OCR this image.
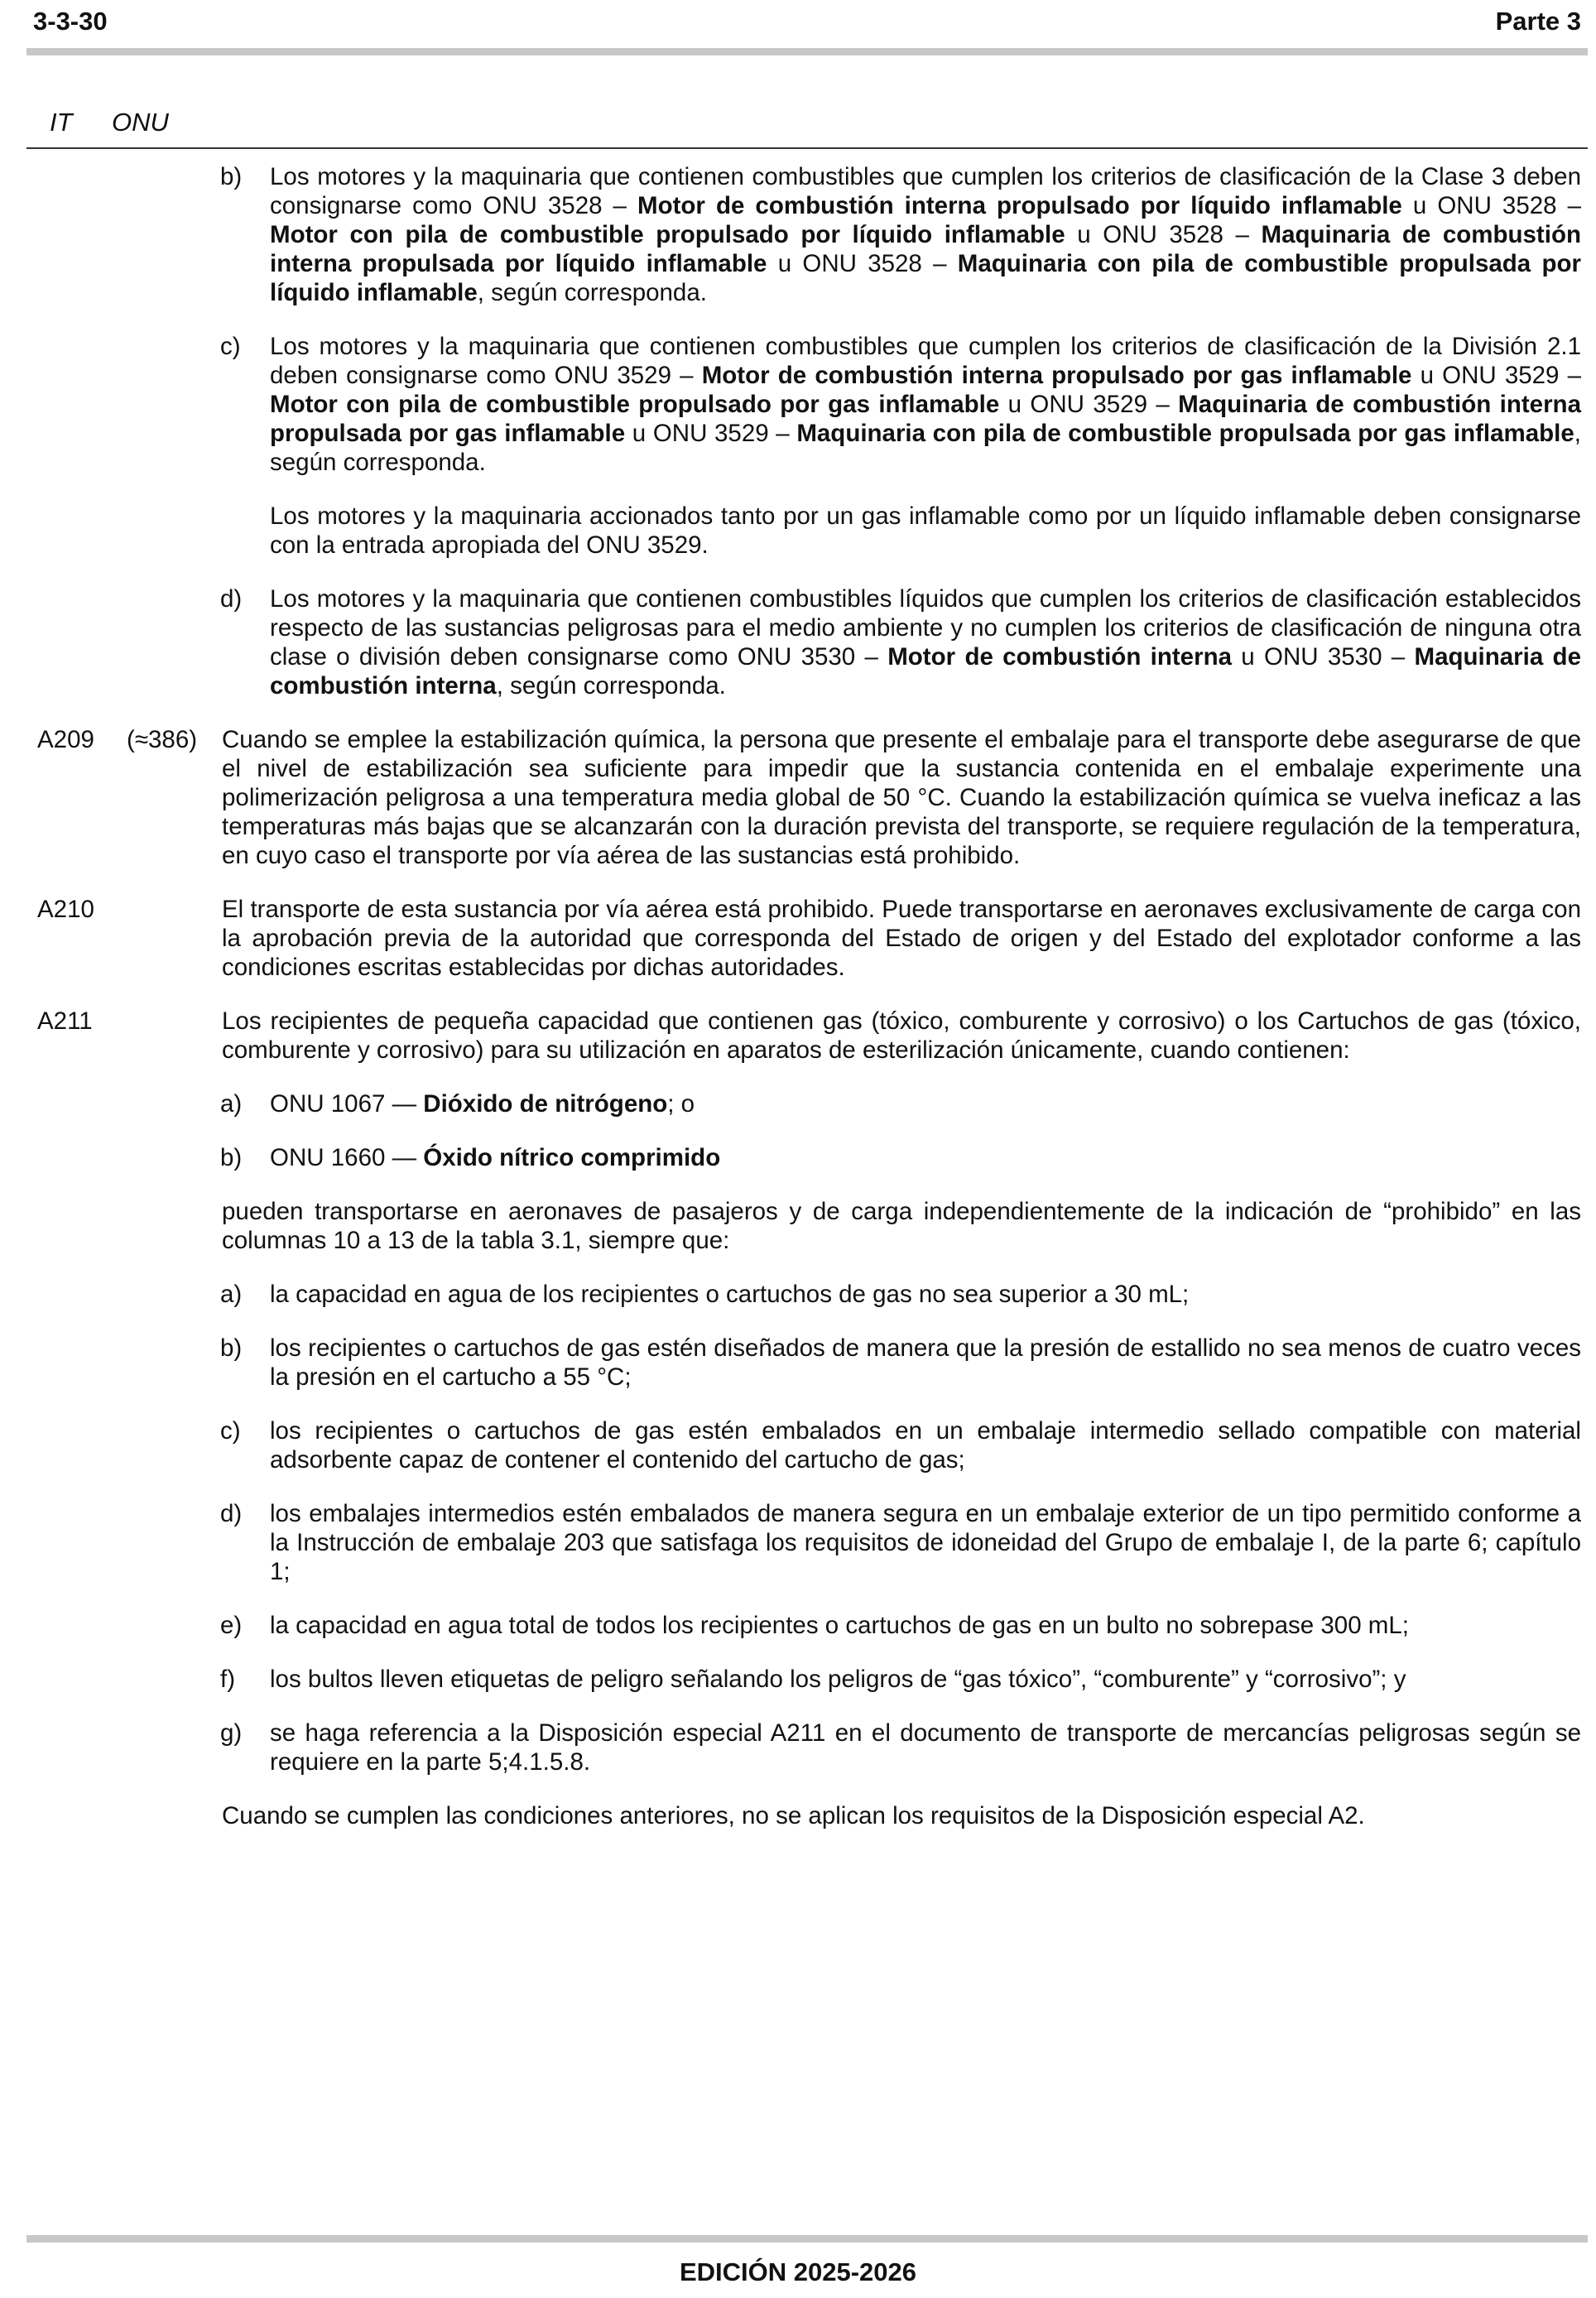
3-3-30	Parte 3
IT ONU
b) Los motores y la maquinaria que contienen combustibles que cumplen los criterios de clasificación de la Clase 3 deben consignarse como ONU 3528 – Motor de combustión interna propulsado por líquido inflamable u ONU 3528 – Motor con pila de combustible propulsado por líquido inflamable u ONU 3528 – Maquinaria de combustión interna propulsada por líquido inflamable u ONU 3528 – Maquinaria con pila de combustible propulsada por líquido inflamable, según corresponda.
c) Los motores y la maquinaria que contienen combustibles que cumplen los criterios de clasificación de la División 2.1 deben consignarse como ONU 3529 – Motor de combustión interna propulsado por gas inflamable u ONU 3529 – Motor con pila de combustible propulsado por gas inflamable u ONU 3529 – Maquinaria de combustión interna propulsada por gas inflamable u ONU 3529 – Maquinaria con pila de combustible propulsada por gas inflamable, según corresponda.
Los motores y la maquinaria accionados tanto por un gas inflamable como por un líquido inflamable deben consignarse con la entrada apropiada del ONU 3529.
d) Los motores y la maquinaria que contienen combustibles líquidos que cumplen los criterios de clasificación establecidos respecto de las sustancias peligrosas para el medio ambiente y no cumplen los criterios de clasificación de ninguna otra clase o división deben consignarse como ONU 3530 – Motor de combustión interna u ONU 3530 – Maquinaria de combustión interna, según corresponda.
A209 (≈386) Cuando se emplee la estabilización química, la persona que presente el embalaje para el transporte debe asegurarse de que el nivel de estabilización sea suficiente para impedir que la sustancia contenida en el embalaje experimente una polimerización peligrosa a una temperatura media global de 50 °C. Cuando la estabilización química se vuelva ineficaz a las temperaturas más bajas que se alcanzarán con la duración prevista del transporte, se requiere regulación de la temperatura, en cuyo caso el transporte por vía aérea de las sustancias está prohibido.
A210	El transporte de esta sustancia por vía aérea está prohibido. Puede transportarse en aeronaves exclusivamente de carga con la aprobación previa de la autoridad que corresponda del Estado de origen y del Estado del explotador conforme a las condiciones escritas establecidas por dichas autoridades.
A211	Los recipientes de pequeña capacidad que contienen gas (tóxico, comburente y corrosivo) o los Cartuchos de gas (tóxico, comburente y corrosivo) para su utilización en aparatos de esterilización únicamente, cuando contienen:
a) ONU 1067 — Dióxido de nitrógeno; o
b) ONU 1660 — Óxido nítrico comprimido
pueden transportarse en aeronaves de pasajeros y de carga independientemente de la indicación de “prohibido” en las columnas 10 a 13 de la tabla 3.1, siempre que:
a) la capacidad en agua de los recipientes o cartuchos de gas no sea superior a 30 mL;
b) los recipientes o cartuchos de gas estén diseñados de manera que la presión de estallido no sea menos de cuatro veces la presión en el cartucho a 55 °C;
c) los recipientes o cartuchos de gas estén embalados en un embalaje intermedio sellado compatible con material adsorbente capaz de contener el contenido del cartucho de gas;
d) los embalajes intermedios estén embalados de manera segura en un embalaje exterior de un tipo permitido conforme a la Instrucción de embalaje 203 que satisfaga los requisitos de idoneidad del Grupo de embalaje I, de la parte 6; capítulo 1;
e) la capacidad en agua total de todos los recipientes o cartuchos de gas en un bulto no sobrepase 300 mL;
f) los bultos lleven etiquetas de peligro señalando los peligros de “gas tóxico”, “comburente” y “corrosivo”; y
g) se haga referencia a la Disposición especial A211 en el documento de transporte de mercancías peligrosas según se requiere en la parte 5;4.1.5.8.
Cuando se cumplen las condiciones anteriores, no se aplican los requisitos de la Disposición especial A2.
EDICIÓN 2025-2026
